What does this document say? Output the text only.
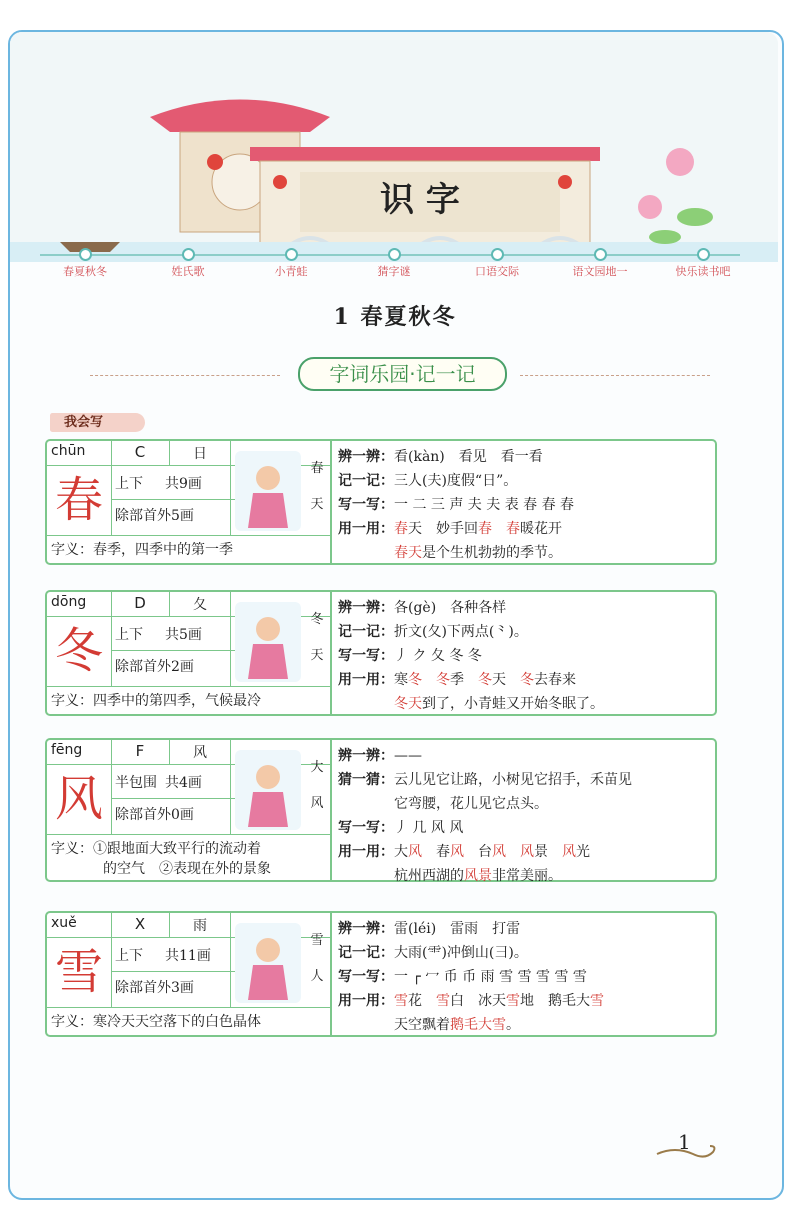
识 字
春夏秋冬	姓氏歌	小青蛙	猜字谜	口语交际	语文园地一	快乐读书吧
1 春夏秋冬
字词乐园·记一记
我会写
chūn	C	日
春 上下 共9画
除部首外5画
春天
字义：春季，四季中的第一季
辨一辨：看(kàn)　看见　看一看
记一记：三人(夫)度假“日”。
写一写：一 二 三 声 夫 夫 表 春 春 春
用一用：春天　妙手回春　 春暖花开
春天是个生机勃勃的季节。
dōng	D	夂
冬 上下 共5画
除部首外2画
冬天
字义：四季中的第四季，气候最冷
辨一辨：各(gè)　各种各样
记一记：折文(夂)下两点(⺀)。
写一写：丿 ク 夂 冬 冬
用一用：寒冬　 冬季　冬天　冬去春来
冬天到了，小青蛙又开始冬眠了。
fēng	F	风
风 半包围 共4画
除部首外0画
大风
字义：①跟地面大致平行的流动着
的空气　②表现在外的景象
辨一辨：——
猜一猜：云儿见它让路，小树见它招手，禾苗见
它弯腰，花儿见它点头。
写一写：丿 几 风 风
用一用：大风　春风　台风　 风景　风光
杭州西湖的风景非常美丽。
xuě	X	雨
雪 上下 共11画
除部首外3画
雪人
字义：寒冷天天空落下的白色晶体
辨一辨：雷(léi)　雷雨　打雷
记一记：大雨(⻗)冲倒山(彐)。
写一写：一 ┌ 冖 币 币 雨 雪 雪 雪 雪 雪
用一用：雪花　雪白　冰天雪地　鹅毛大雪
天空飘着鹅毛大雪。
1
